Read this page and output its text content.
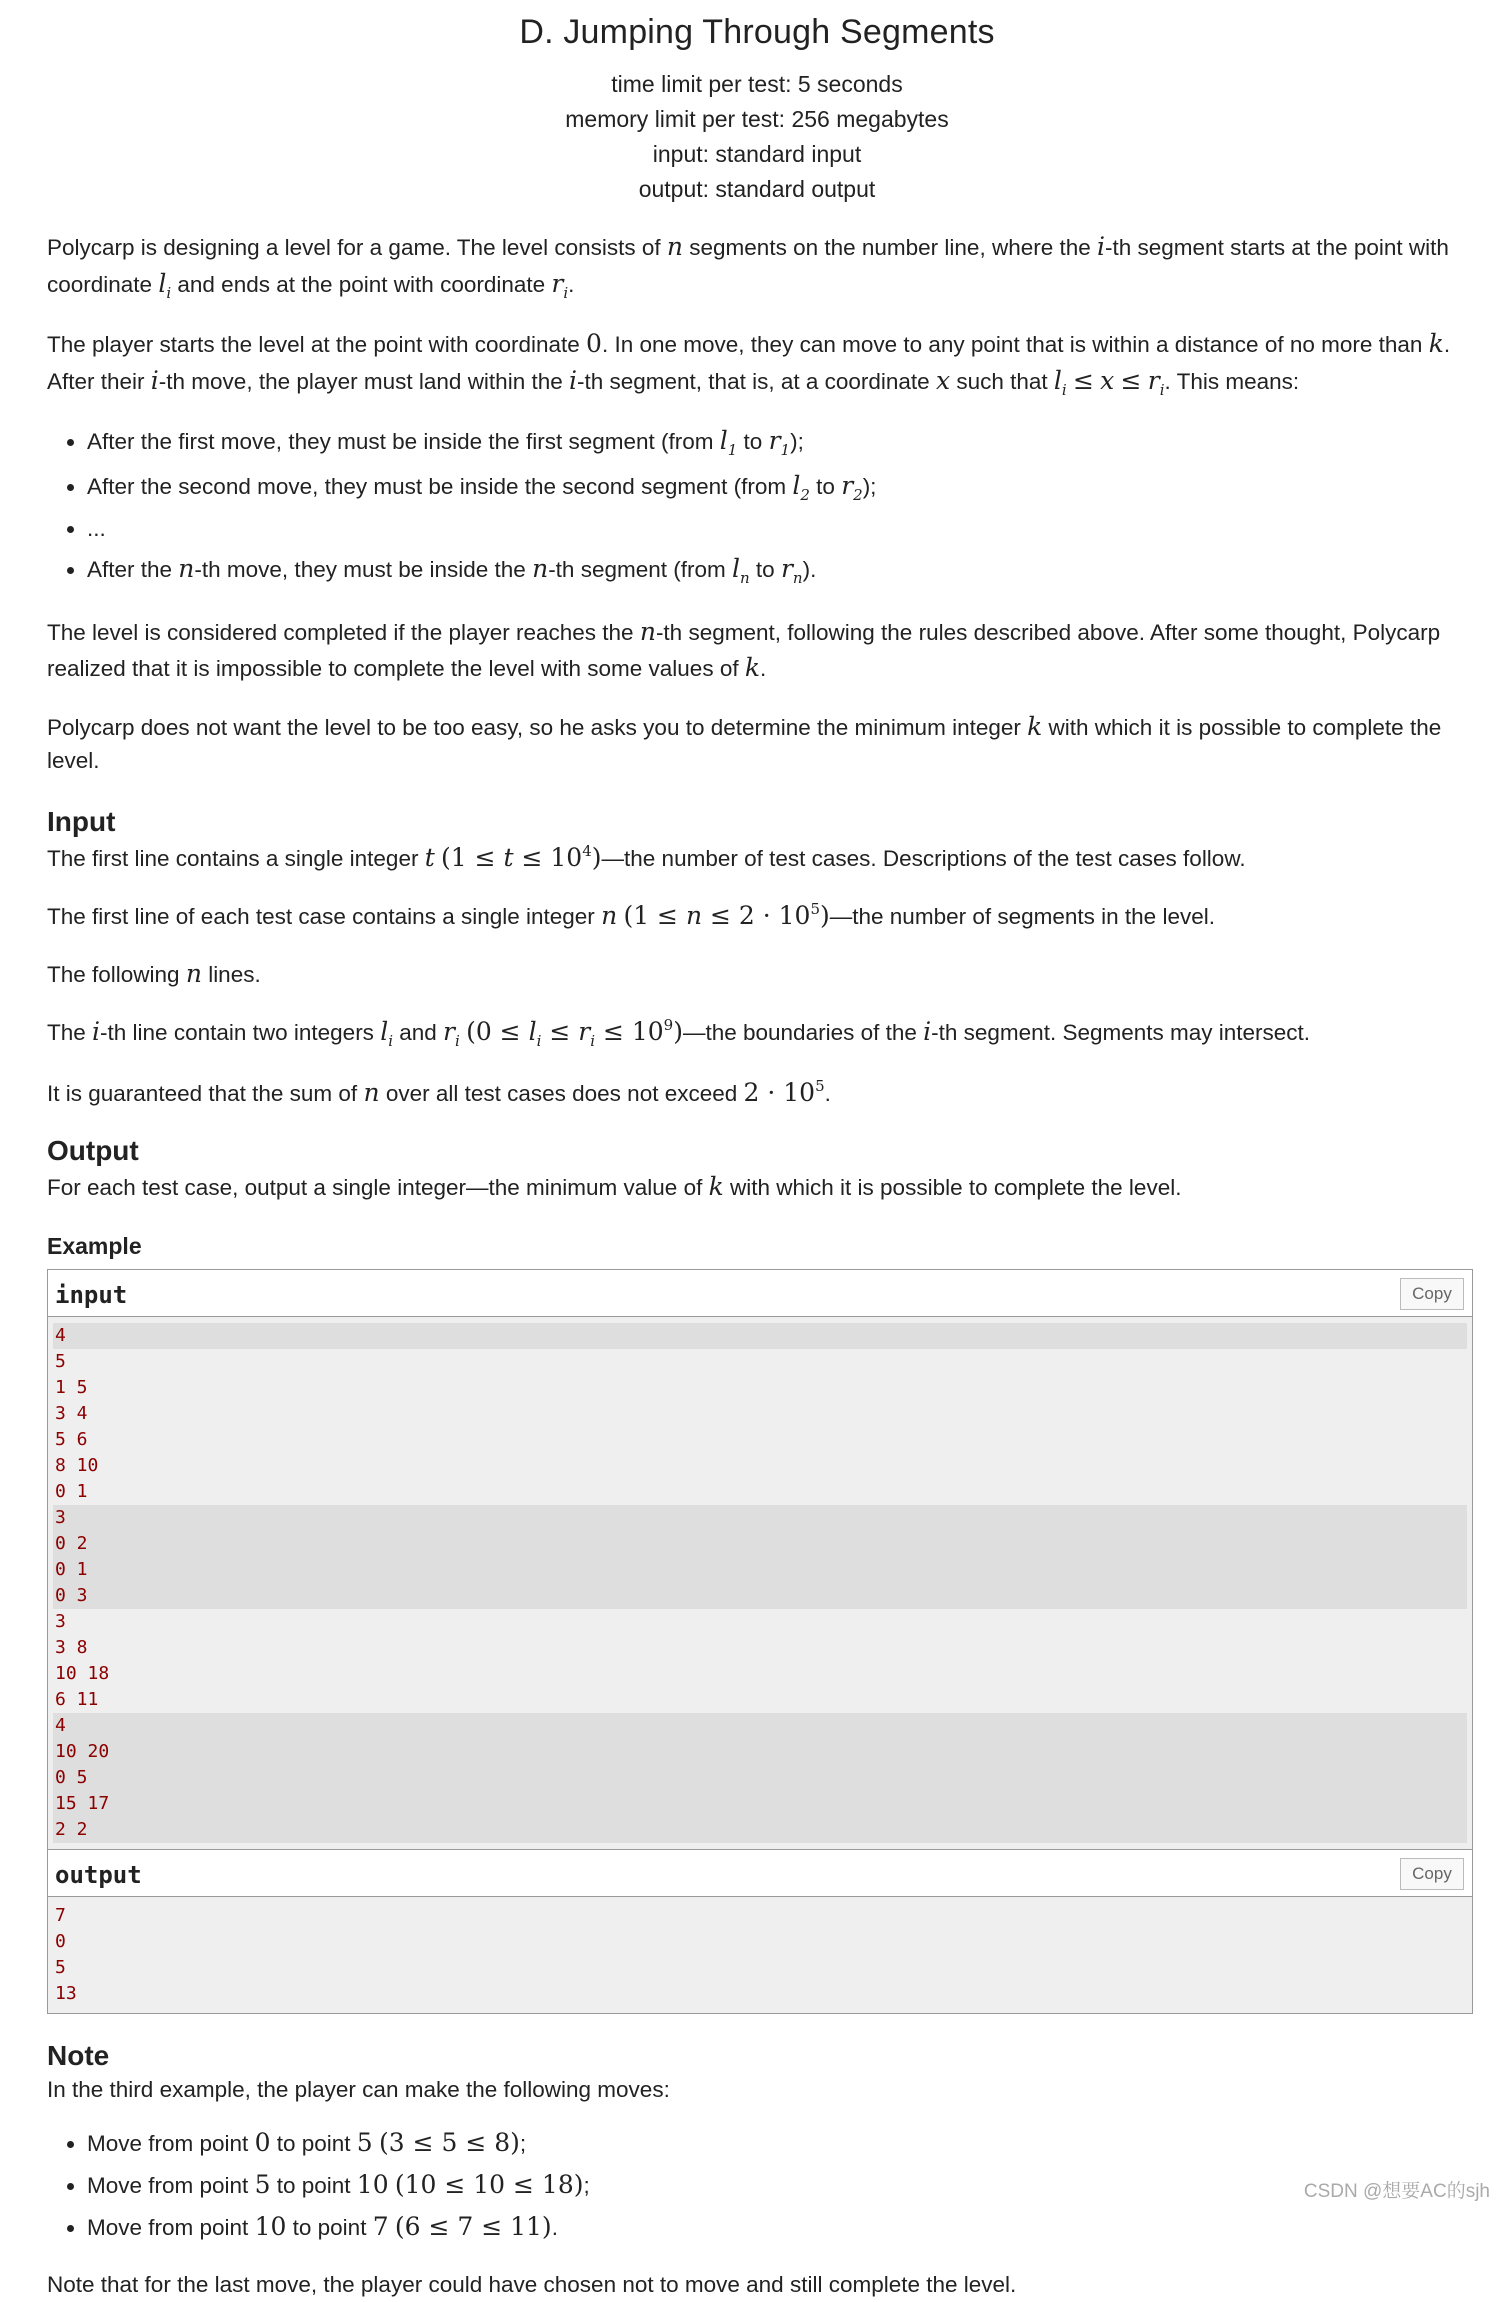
D. Jumping Through Segments
time limit per test: 5 seconds
memory limit per test: 256 megabytes
input: standard input
output: standard output

Polycarp is designing a level for a game. The level consists of n segments on the number line, where the i-th segment starts at the point with coordinate $l_i$ and ends at the point with coordinate $r_i$.

The player starts the level at the point with coordinate 0. In one move, they can move to any point that is within a distance of no more than k. After their i-th move, the player must land within the i-th segment, that is, at a coordinate x such that $l_i \le x \le r_i$. This means:

• After the first move, they must be inside the first segment (from $l_1$ to $r_1$);
• After the second move, they must be inside the second segment (from $l_2$ to $r_2$);
• ...
• After the n-th move, they must be inside the n-th segment (from $l_n$ to $r_n$).

The level is considered completed if the player reaches the n-th segment, following the rules described above. After some thought, Polycarp realized that it is impossible to complete the level with some values of k.

Polycarp does not want the level to be too easy, so he asks you to determine the minimum integer k with which it is possible to complete the level.

Input

The first line contains a single integer t $(1 \le t \le 10^4)—the$ number of test cases. Descriptions of the test cases follow.

The first line of each test case contains a single integer n $(1 \le n \le 2 \cdot 10^5)—the$ number of segments in the level.

The following n lines.

The i-th line contain two integers $l_i$ and $r_i$ ($0 \le l_i \le r_i$ ≤ $10^9)—the$ boundaries of the i-th segment. Segments may intersect.

It is guaranteed that the sum of n over all test cases does not exceed $2 \cdot 10^5$.

Output

For each test case, output a single integer—the minimum value of k with which it is possible to complete the level.

Example
input	Copy
4
5
1 5
3 4
5 6
8 10
0 1
3
0 2
0 1
0 3
3
3 8
10 18
6 11
4
10 20
0 5
15 17
2 2
output	Copy
7
0
5
13
Note

In the third example, the player can make the following moves:

• Move from point 0 to point 5 (3 ≤ 5 ≤ 8);
• Move from point 5 to point 10 (10 ≤ 10 ≤ 18);
• Move from point 10 to point 7 (6 ≤ 7 ≤ 11).

Note that for the last move, the player could have chosen not to move and still complete the level.

CSDN @想要AC的sjh
